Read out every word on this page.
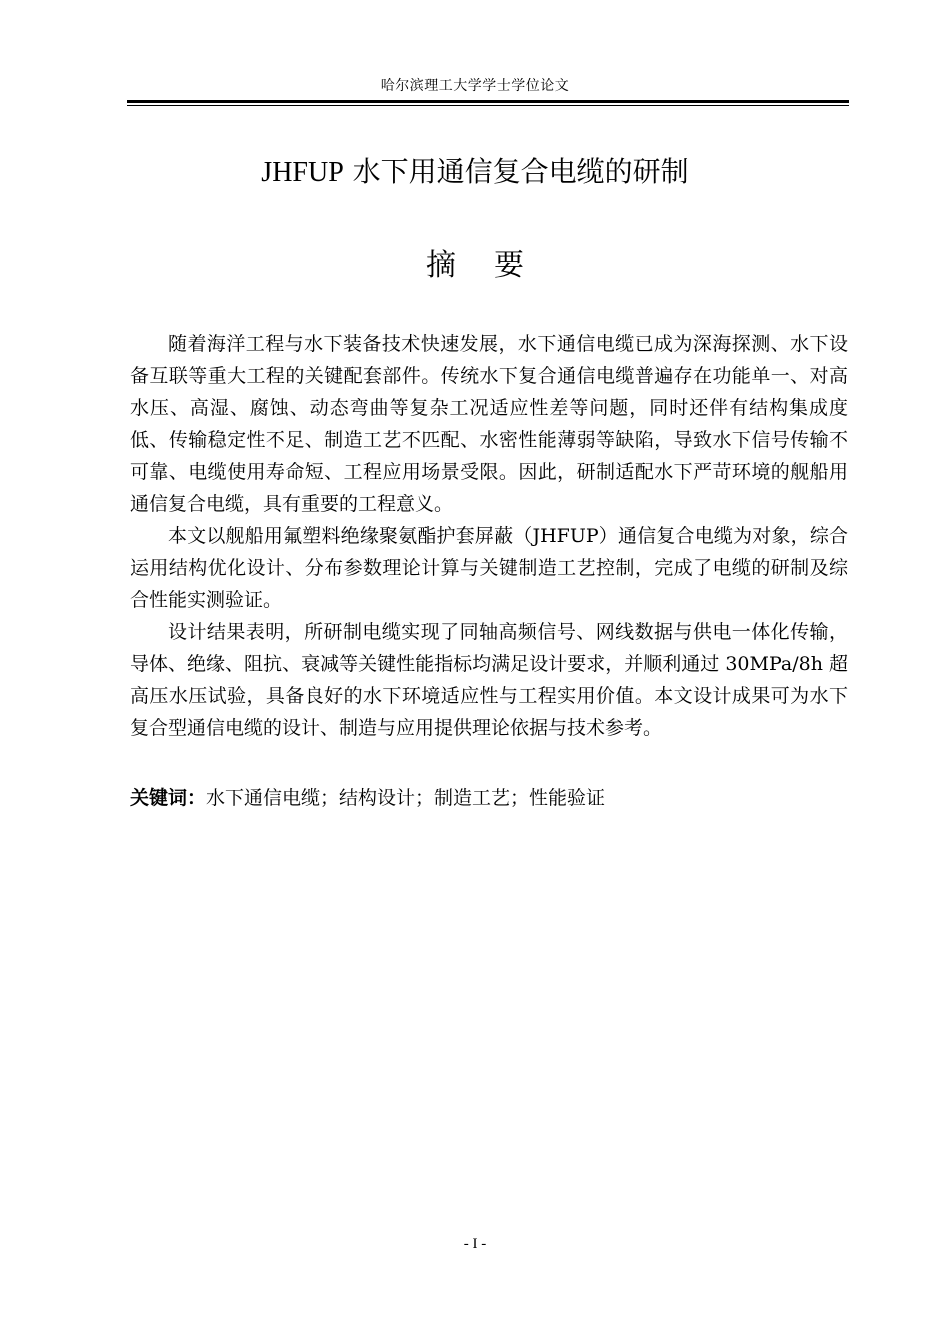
哈尔滨理工大学学士学位论文
JHFUP 水下用通信复合电缆的研制
摘 要

随着海洋工程与水下装备技术快速发展，水下通信电缆已成为深海探测、水下设备互联等重大工程的关键配套部件。传统水下复合通信电缆普遍存在功能单一、对高水压、高湿、腐蚀、动态弯曲等复杂工况适应性差等问题，同时还伴有结构集成度低、传输稳定性不足、制造工艺不匹配、水密性能薄弱等缺陷，导致水下信号传输不可靠、电缆使用寿命短、工程应用场景受限。因此，研制适配水下严苛环境的舰船用通信复合电缆，具有重要的工程意义。

本文以舰船用氟塑料绝缘聚氨酯护套屏蔽（JHFUP）通信复合电缆为对象，综合运用结构优化设计、分布参数理论计算与关键制造工艺控制，完成了电缆的研制及综合性能实测验证。

设计结果表明，所研制电缆实现了同轴高频信号、网线数据与供电一体化传输，导体、绝缘、阻抗、衰减等关键性能指标均满足设计要求，并顺利通过 30MPa/8h 超高压水压试验，具备良好的水下环境适应性与工程实用价值。本文设计成果可为水下复合型通信电缆的设计、制造与应用提供理论依据与技术参考。

关键词：水下通信电缆；结构设计；制造工艺；性能验证
- I -
